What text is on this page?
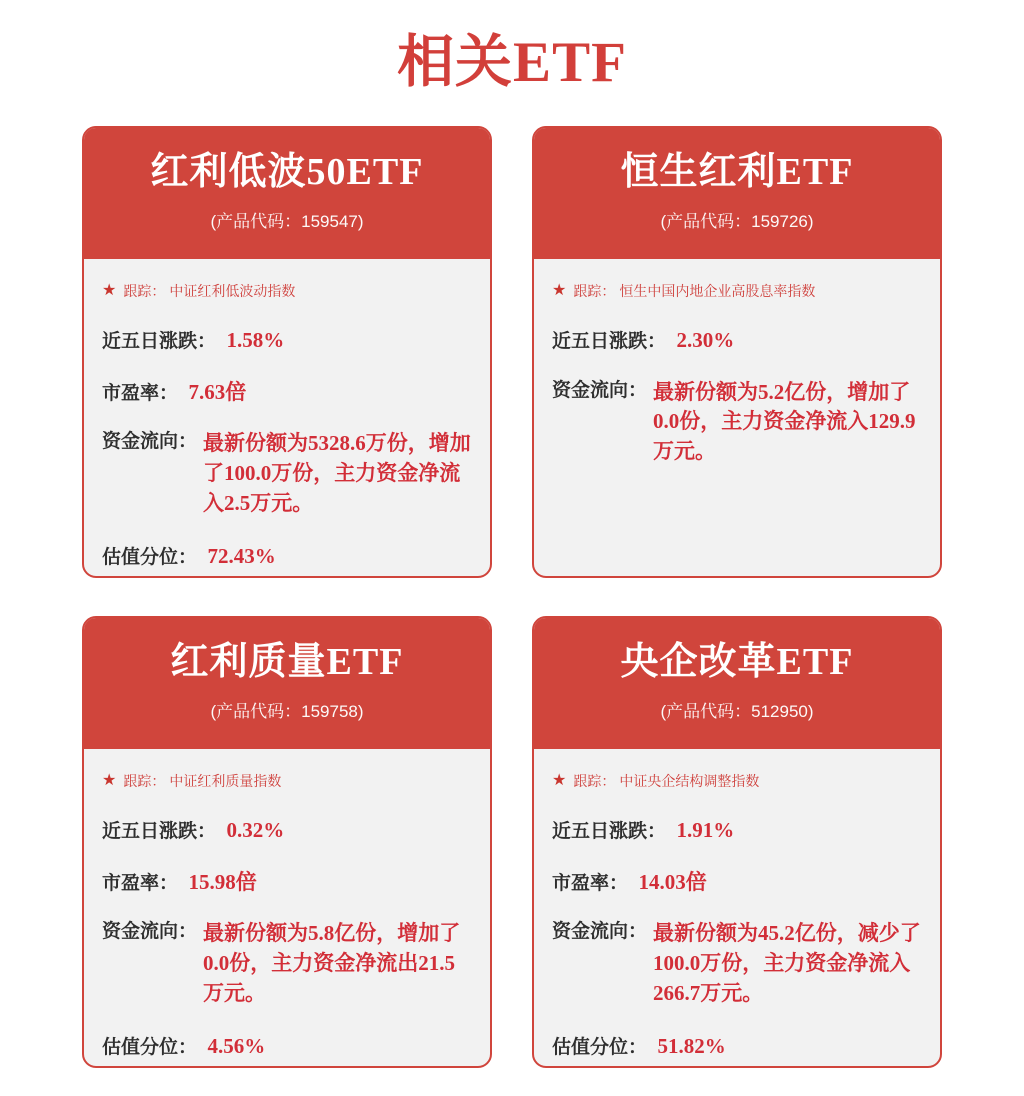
相关ETF
红利低波50ETF
(产品代码：159547)
★ 跟踪： 中证红利低波动指数
近五日涨跌： 1.58%
市盈率： 7.63倍
资金流向： 最新份额为5328.6万份，增加了100.0万份，主力资金净流入2.5万元。
估值分位： 72.43%
恒生红利ETF
(产品代码：159726)
★ 跟踪： 恒生中国内地企业高股息率指数
近五日涨跌： 2.30%
资金流向： 最新份额为5.2亿份，增加了0.0份，主力资金净流入129.9万元。
红利质量ETF
(产品代码：159758)
★ 跟踪： 中证红利质量指数
近五日涨跌： 0.32%
市盈率： 15.98倍
资金流向： 最新份额为5.8亿份，增加了0.0份，主力资金净流出21.5万元。
估值分位： 4.56%
央企改革ETF
(产品代码：512950)
★ 跟踪： 中证央企结构调整指数
近五日涨跌： 1.91%
市盈率： 14.03倍
资金流向： 最新份额为45.2亿份，减少了100.0万份，主力资金净流入266.7万元。
估值分位： 51.82%
